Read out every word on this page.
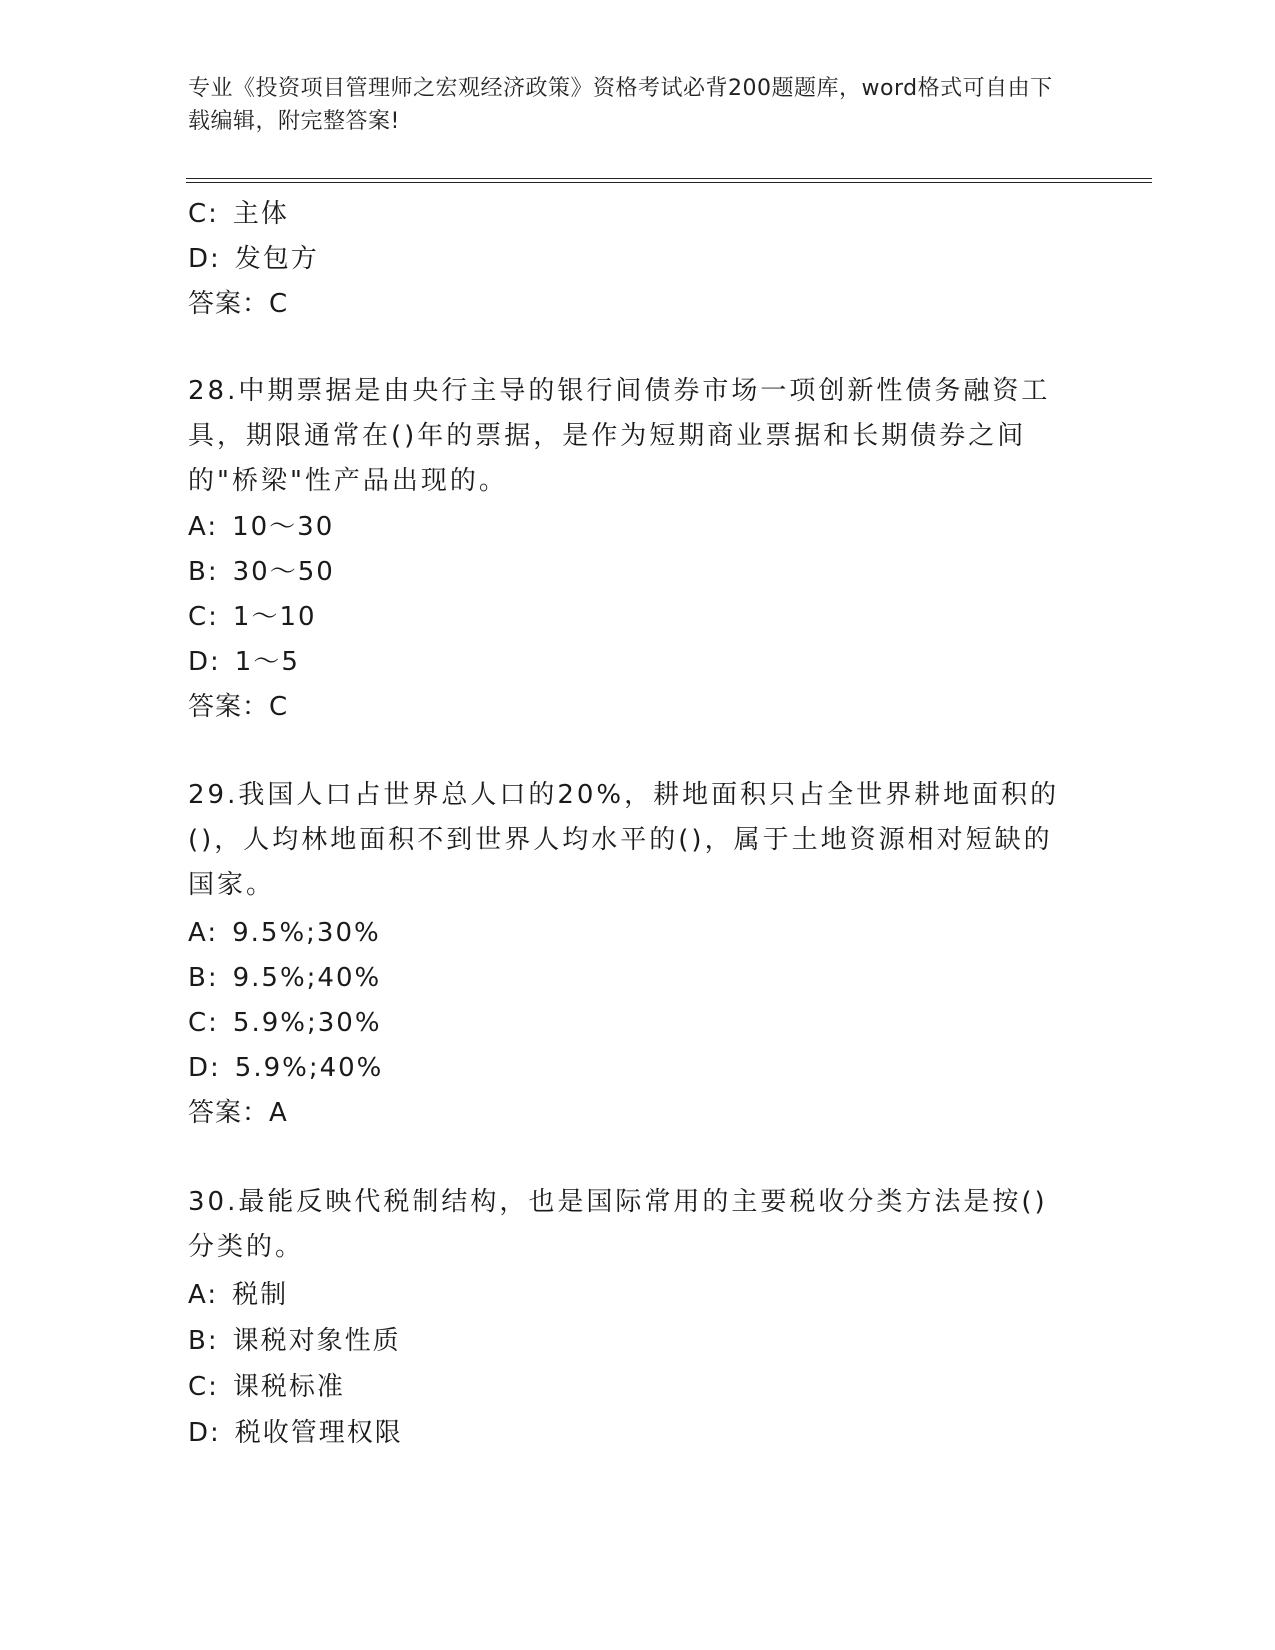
专业《投资项目管理师之宏观经济政策》资格考试必背200题题库，word格式可自由下载编辑，附完整答案!
C: 主体
D: 发包方
答案：C
28.中期票据是由央行主导的银行间债券市场一项创新性债务融资工具，期限通常在()年的票据，是作为短期商业票据和长期债券之间的"桥梁"性产品出现的。
A: 10～30
B: 30～50
C: 1～10
D: 1～5
答案：C
29.我国人口占世界总人口的20%，耕地面积只占全世界耕地面积的()，人均林地面积不到世界人均水平的()，属于土地资源相对短缺的国家。
A: 9.5%;30%
B: 9.5%;40%
C: 5.9%;30%
D: 5.9%;40%
答案：A
30.最能反映代税制结构，也是国际常用的主要税收分类方法是按()分类的。
A: 税制
B: 课税对象性质
C: 课税标准
D: 税收管理权限
